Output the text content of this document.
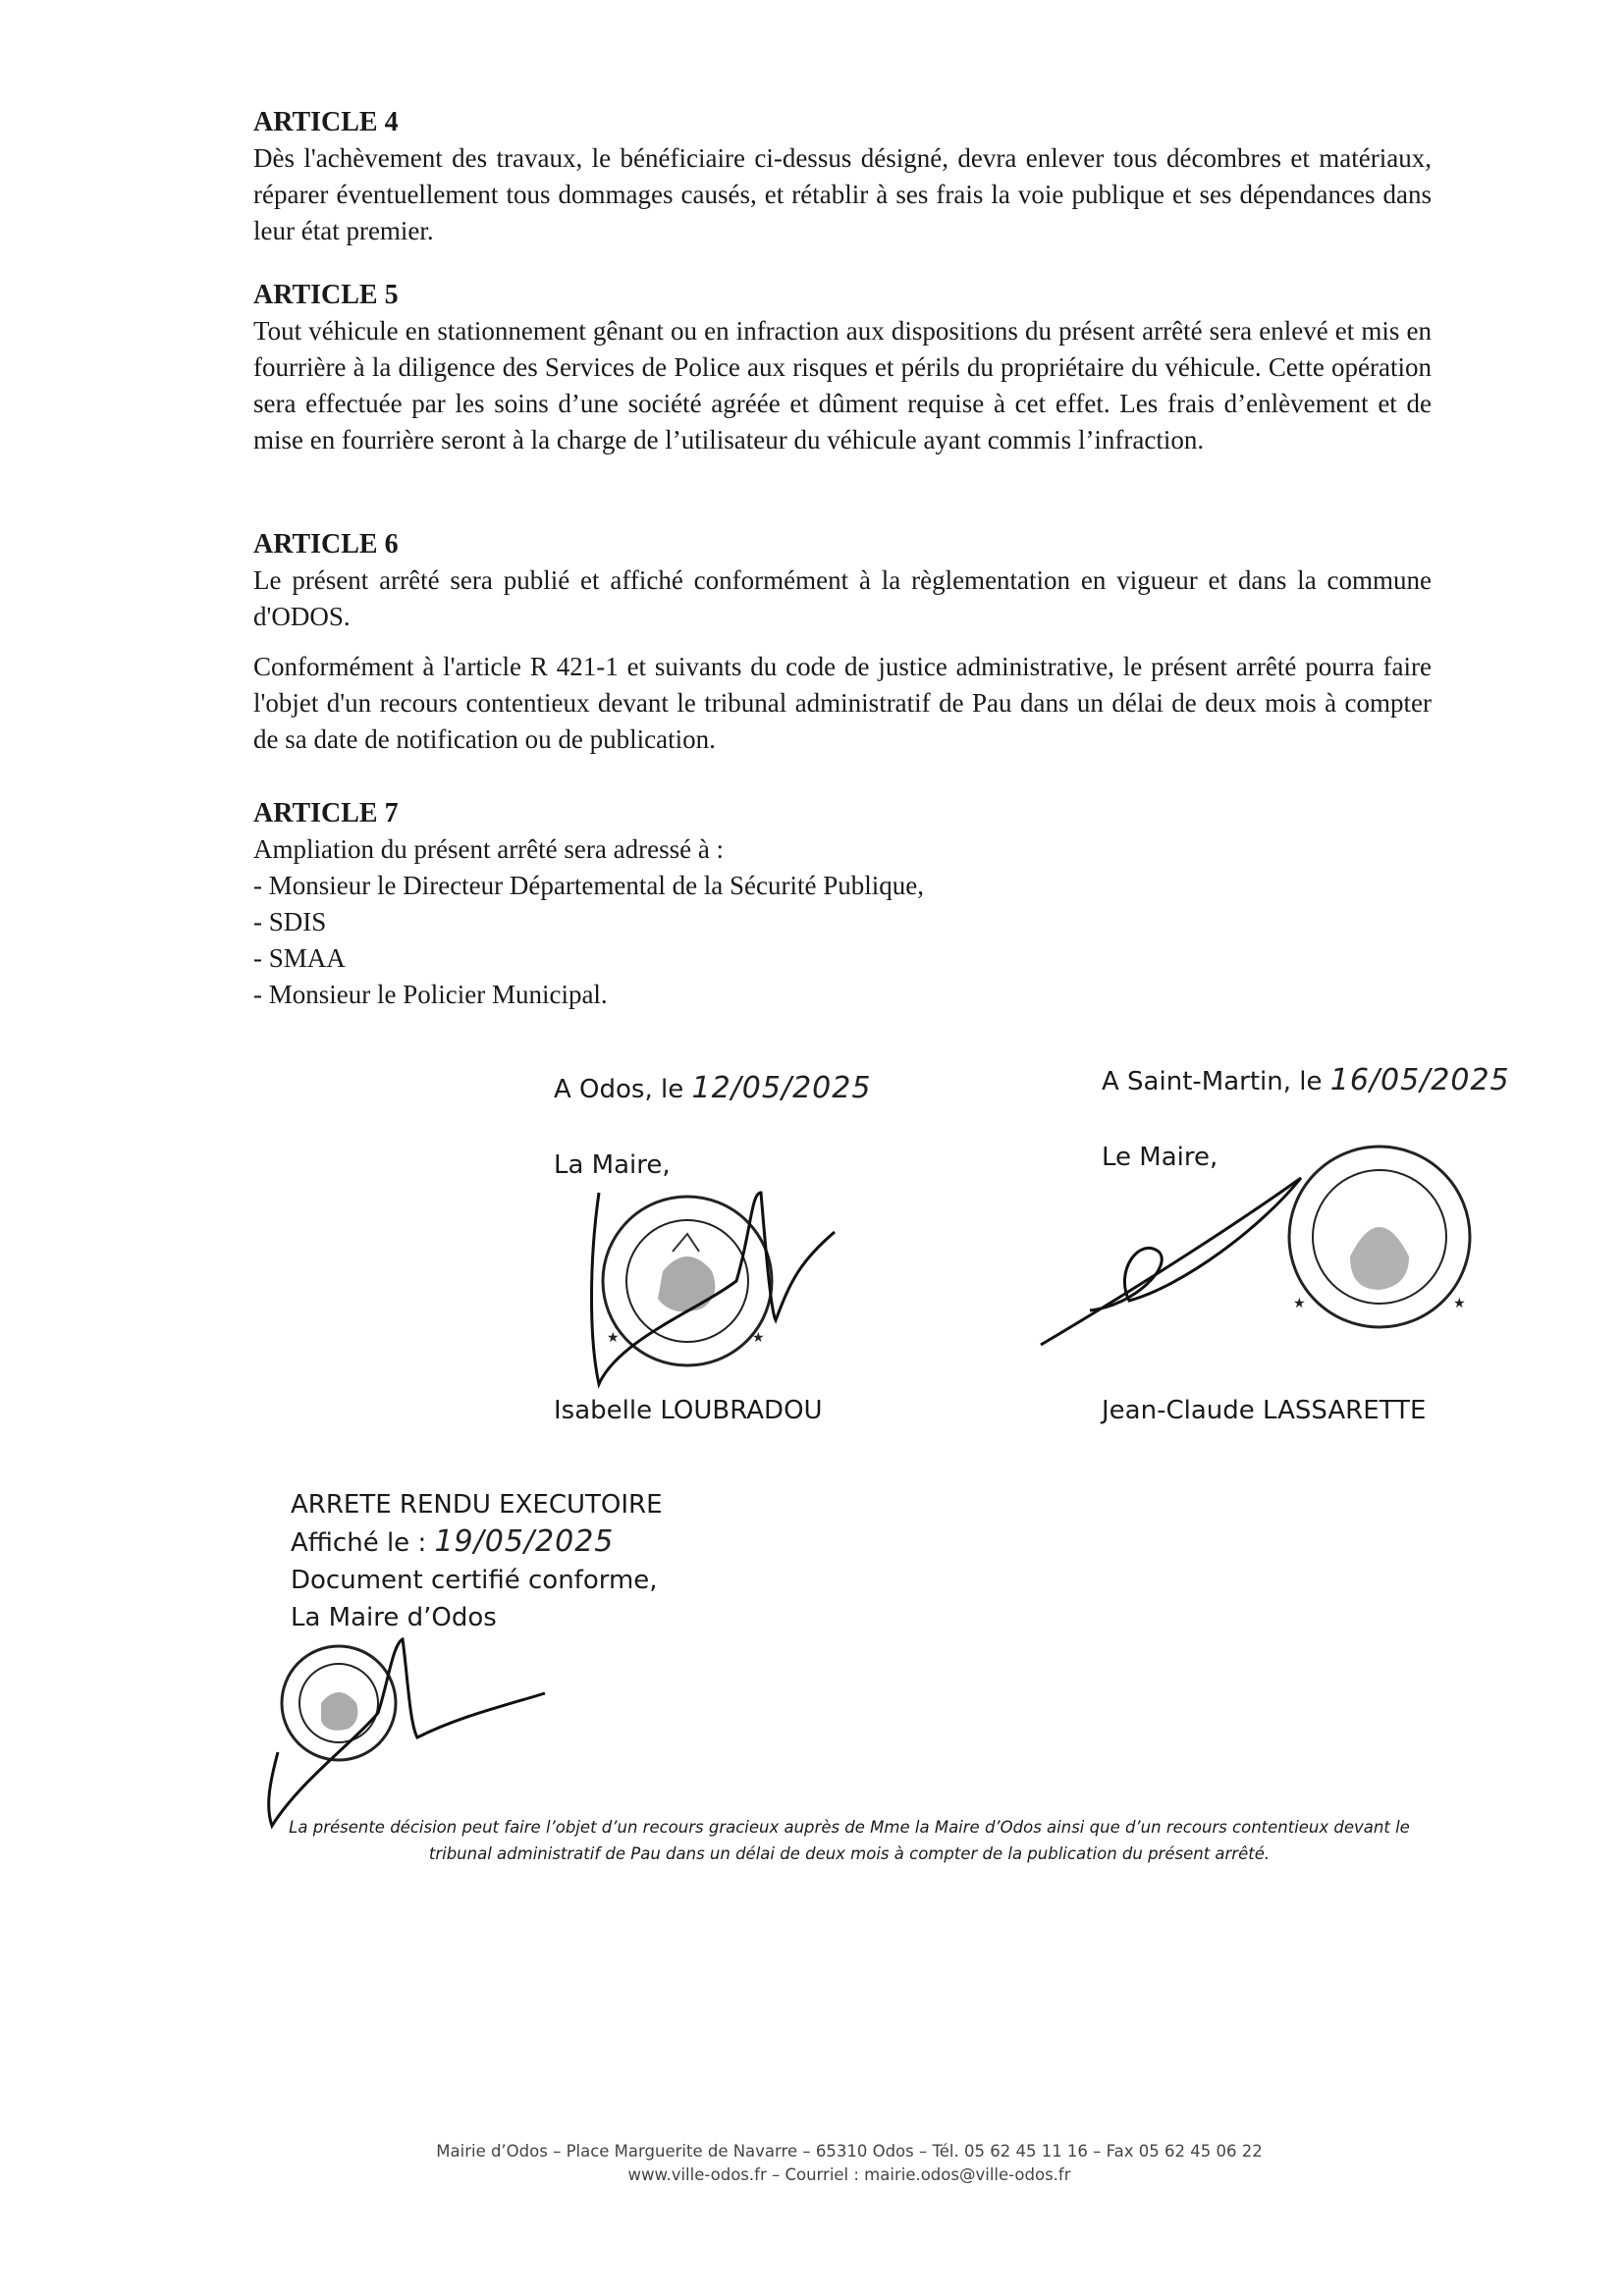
ARTICLE 4

Dès l'achèvement des travaux, le bénéficiaire ci-dessus désigné, devra enlever tous décombres et matériaux, réparer éventuellement tous dommages causés, et rétablir à ses frais la voie publique et ses dépendances dans leur état premier.

ARTICLE 5

Tout véhicule en stationnement gênant ou en infraction aux dispositions du présent arrêté sera enlevé et mis en fourrière à la diligence des Services de Police aux risques et périls du propriétaire du véhicule. Cette opération sera effectuée par les soins d’une société agréée et dûment requise à cet effet. Les frais d’enlèvement et de mise en fourrière seront à la charge de l’utilisateur du véhicule ayant commis l’infraction.

ARTICLE 6

Le présent arrêté sera publié et affiché conformément à la règlementation en vigueur et dans la commune d'ODOS.

Conformément à l'article R 421-1 et suivants du code de justice administrative, le présent arrêté pourra faire l'objet d'un recours contentieux devant le tribunal administratif de Pau dans un délai de deux mois à compter de sa date de notification ou de publication.

ARTICLE 7

Ampliation du présent arrêté sera adressé à :

- Monsieur le Directeur Départemental de la Sécurité Publique,
- SDIS
- SMAA
- Monsieur le Policier Municipal.
A Odos, le 12/05/2025
La Maire,
★	★
Isabelle LOUBRADOU
A Saint-Martin, le 16/05/2025
Le Maire,
★	★
Jean-Claude LASSARETTE
ARRETE RENDU EXECUTOIRE
Affiché le : 19/05/2025
Document certifié conforme,
La Maire d’Odos
La présente décision peut faire l’objet d’un recours gracieux auprès de Mme la Maire d’Odos ainsi que d’un recours contentieux devant le
tribunal administratif de Pau dans un délai de deux mois à compter de la publication du présent arrêté.
Mairie d’Odos – Place Marguerite de Navarre – 65310 Odos – Tél. 05 62 45 11 16 – Fax 05 62 45 06 22
www.ville-odos.fr – Courriel : mairie.odos@ville-odos.fr
